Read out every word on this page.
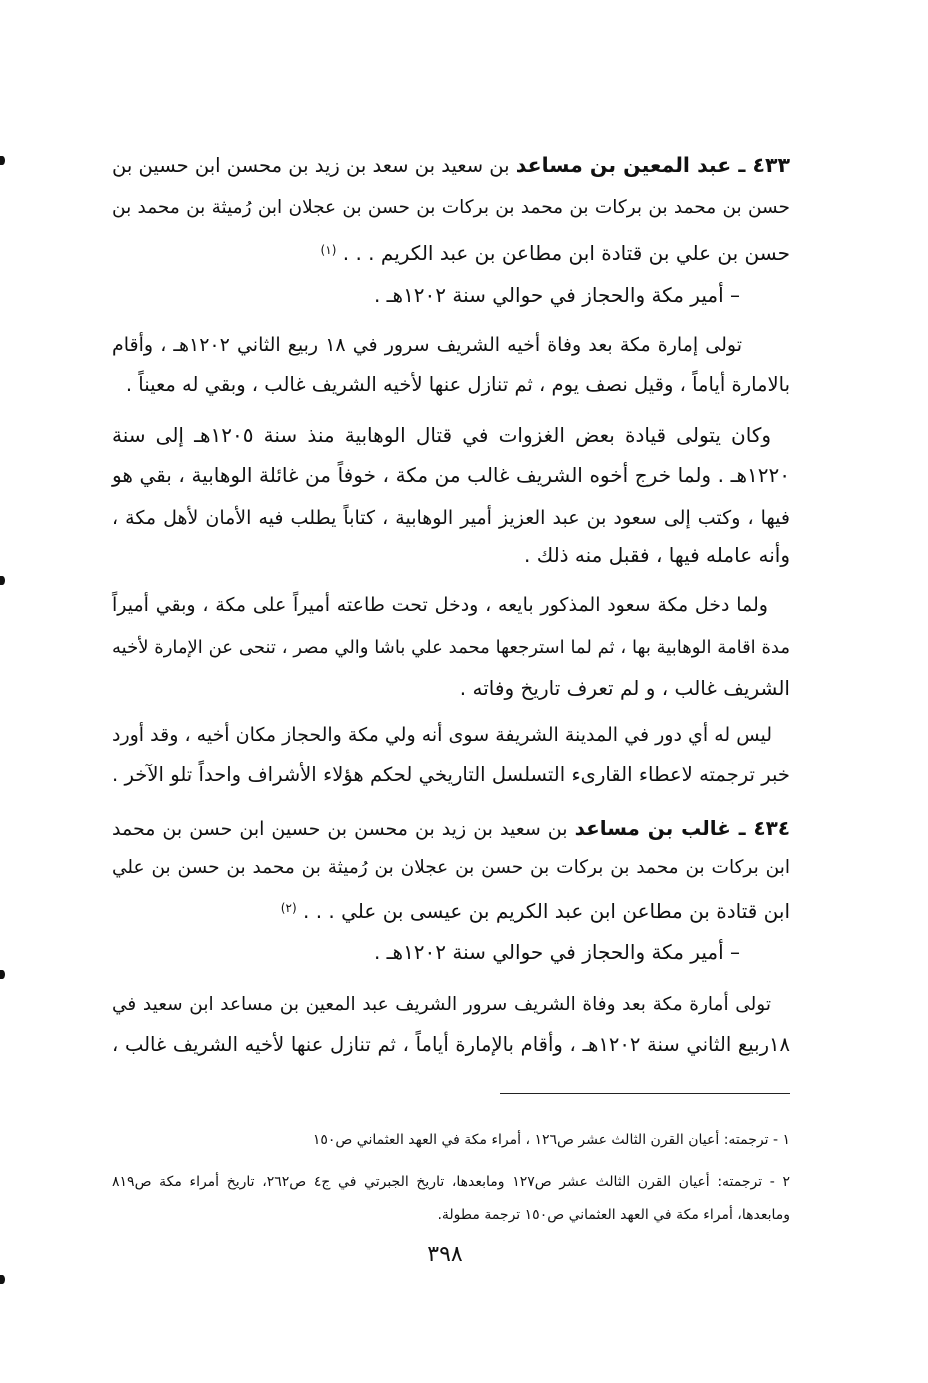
٤٣٣ ـ عبد المعين بن مساعد بن سعيد بن سعد بن زيد بن محسن ابن حسين بن
حسن بن محمد بن بركات بن محمد بن بركات بن حسن بن عجلان ابن رُميثة بن محمد بن
حسن بن علي بن قتادة ابن مطاعن بن عبد الكريم . . . $^{(١)}$
– أمير مكة والحجاز في حوالي سنة ١٢٠٢هـ .
تولى إمارة مكة بعد وفاة أخيه الشريف سرور في ١٨ ربيع الثاني ١٢٠٢هـ ، وأقام
بالامارة أياماً ، وقيل نصف يوم ، ثم تنازل عنها لأخيه الشريف غالب ، وبقي له معيناً .
وكان يتولى قيادة بعض الغزوات في قتال الوهابية منذ سنة ١٢٠٥هـ إلى سنة
١٢٢٠هـ . ولما خرج أخوه الشريف غالب من مكة ، خوفاً من غائلة الوهابية ، بقي هو
فيها ، وكتب إلى سعود بن عبد العزيز أمير الوهابية ، كتاباً يطلب فيه الأمان لأهل مكة ،
وأنه عامله فيها ، فقبل منه ذلك .
ولما دخل مكة سعود المذكور بايعه ، ودخل تحت طاعته أميراً على مكة ، وبقي أميراً
مدة اقامة الوهابية بها ، ثم لما استرجعها محمد علي باشا والي مصر ، تنحى عن الإمارة لأخيه
الشريف غالب ، و لم تعرف تاريخ وفاته .
ليس له أي دور في المدينة الشريفة سوى أنه ولي مكة والحجاز مكان أخيه ، وقد أورد
خبر ترجمته لاعطاء القارىء التسلسل التاريخي لحكم هؤلاء الأشراف واحداً تلو الآخر .
٤٣٤ ـ غالب بن مساعد بن سعيد بن زيد بن محسن بن حسين ابن حسن بن محمد
ابن بركات بن محمد بن بركات بن حسن بن عجلان بن رُميثة بن محمد بن حسن بن علي
ابن قتادة بن مطاعن ابن عبد الكريم بن عيسى بن علي . . . $^{(٢)}$
– أمير مكة والحجاز في حوالي سنة ١٢٠٢هـ .
تولى أمارة مكة بعد وفاة الشريف سرور الشريف عبد المعين بن مساعد ابن سعيد في
١٨ربيع الثاني سنة ١٢٠٢هـ ، وأقام بالإمارة أياماً ، ثم تنازل عنها لأخيه الشريف غالب ،
١ - ترجمته: أعيان القرن الثالث عشر ص١٢٦ ، أمراء مكة في العهد العثماني ص١٥٠
٢ - ترجمته: أعيان القرن الثالث عشر ص١٢٧ ومابعدها، تاريخ الجبرتي في ج٤ ص٢٦٢، تاريخ أمراء مكة ص٨١٩
ومابعدها، أمراء مكة في العهد العثماني ص١٥٠ ترجمة مطولة.
٣٩٨
